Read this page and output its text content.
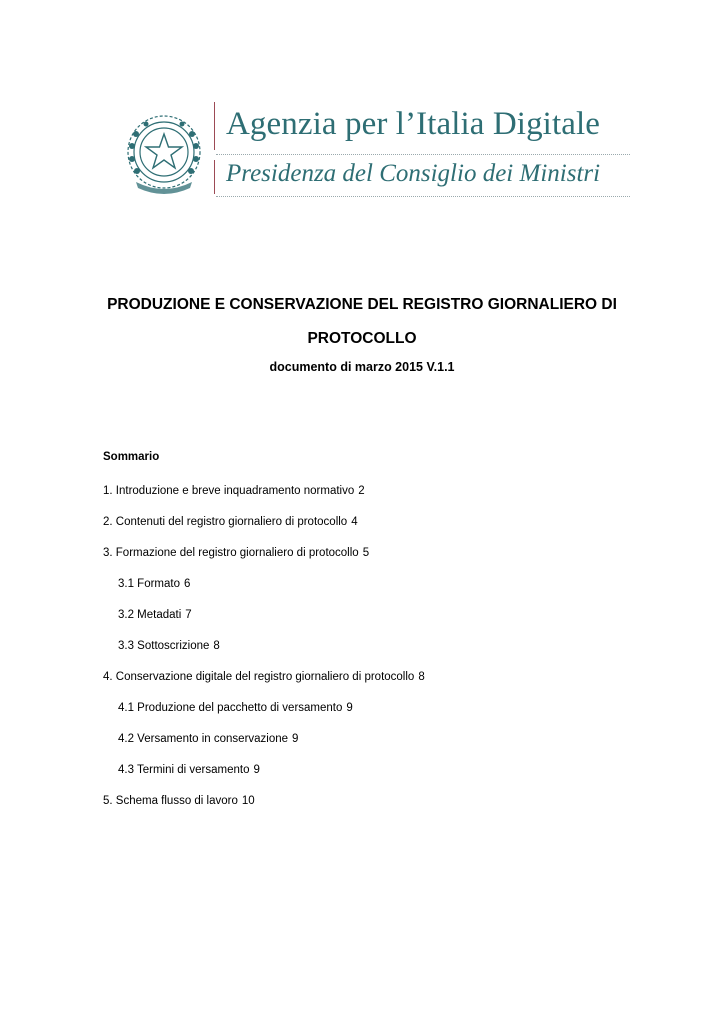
Agenzia per l’Italia Digitale
Presidenza del Consiglio dei Ministri
PRODUZIONE E CONSERVAZIONE DEL REGISTRO GIORNALIERO DI PROTOCOLLO
documento di marzo 2015 V.1.1
Sommario
1. Introduzione e breve inquadramento normativo 2
2. Contenuti del registro giornaliero di protocollo 4
3. Formazione del registro giornaliero di protocollo 5
3.1 Formato 6
3.2 Metadati 7
3.3 Sottoscrizione 8
4. Conservazione digitale del registro giornaliero di protocollo 8
4.1 Produzione del pacchetto di versamento 9
4.2 Versamento in conservazione 9
4.3 Termini di versamento 9
5. Schema flusso di lavoro 10
